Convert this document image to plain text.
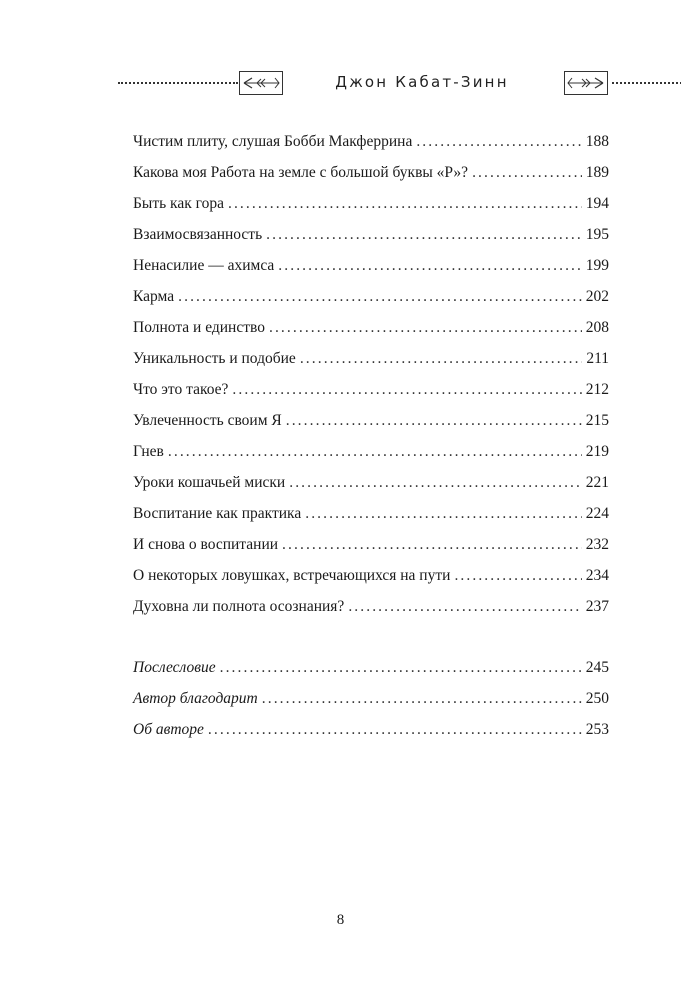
Джон Кабат-Зинн
Чистим плиту, слушая Бобби Макферрина .....	188
Какова моя Работа на земле с большой буквы «Р»? .....	189
Быть как гора .....	194
Взаимосвязанность .....	195
Ненасилие — ахимса .....	199
Карма .....	202
Полнота и единство .....	208
Уникальность и подобие .....	211
Что это такое? .....	212
Увлеченность своим Я .....	215
Гнев .....	219
Уроки кошачьей миски .....	221
Воспитание как практика .....	224
И снова о воспитании .....	232
О некоторых ловушках, встречающихся на пути .....	234
Духовна ли полнота осознания? .....	237
Послесловие .....	245
Автор благодарит .....	250
Об авторе .....	253
8
